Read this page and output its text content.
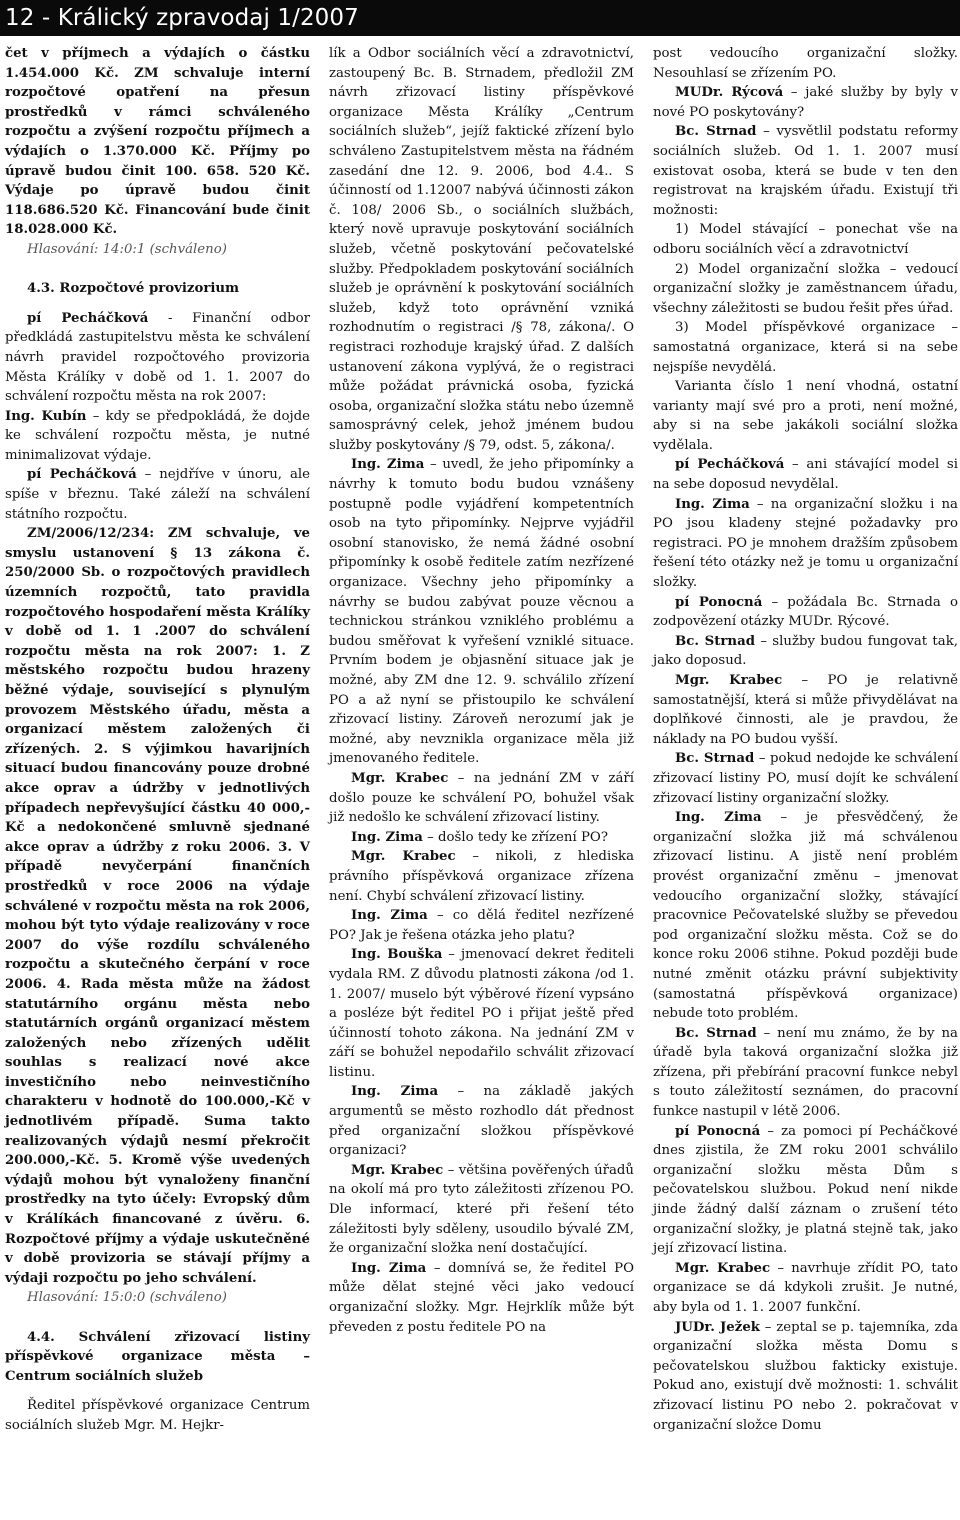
12 - Králický zpravodaj 1/2007

čet v příjmech a výdajích o částku 1.454.000 Kč. ZM schvaluje interní rozpočtové opatření na přesun prostředků v rámci schváleného rozpočtu a zvýšení rozpočtu příjmech a výdajích o 1.370.000 Kč. Příjmy po úpravě budou činit 100. 658. 520 Kč. Výdaje po úpravě budou činit 118.686.520 Kč. Financování bude činit 18.028.000 Kč.

Hlasování: 14:0:1 (schváleno)

4.3. Rozpočtové provizorium

pí Pecháčková - Finanční odbor předkládá zastupitelstvu města ke schválení návrh pravidel rozpočtového provizoria Města Králíky v době od 1. 1. 2007 do schválení rozpočtu města na rok 2007:

Ing. Kubín – kdy se předpokládá, že dojde ke schválení rozpočtu města, je nutné minimalizovat výdaje.

pí Pecháčková – nejdříve v únoru, ale spíše v březnu. Také záleží na schválení státního rozpočtu.

ZM/2006/12/234: ZM schvaluje, ve smyslu ustanovení § 13 zákona č. 250/2000 Sb. o rozpočtových pravidlech územních rozpočtů, tato pravidla rozpočtového hospodaření města Králíky v době od 1. 1 .2007 do schválení rozpočtu města na rok 2007: 1. Z městského rozpočtu budou hrazeny běžné výdaje, související s plynulým provozem Městského úřadu, města a organizací městem založených či zřízených. 2. S výjimkou havarijních situací budou financovány pouze drobné akce oprav a údržby v jednotlivých případech nepřevyšující částku 40 000,- Kč a nedokončené smluvně sjednané akce oprav a údržby z roku 2006. 3. V případě nevyčerpání finančních prostředků v roce 2006 na výdaje schválené v rozpočtu města na rok 2006, mohou být tyto výdaje realizovány v roce 2007 do výše rozdílu schváleného rozpočtu a skutečného čerpání v roce 2006. 4. Rada města může na žádost statutárního orgánu města nebo statutárních orgánů organizací městem založených nebo zřízených udělit souhlas s realizací nové akce investičního nebo neinvestičního charakteru v hodnotě do 100.000,-Kč v jednotlivém případě. Suma takto realizovaných výdajů nesmí překročit 200.000,-Kč. 5. Kromě výše uvedených výdajů mohou být vynaloženy finanční prostředky na tyto účely: Evropský dům v Králíkách financované z úvěru. 6. Rozpočtové příjmy a výdaje uskutečněné v době provizoria se stávají příjmy a výdaji rozpočtu po jeho schválení.

Hlasování: 15:0:0 (schváleno)

4.4. Schválení zřizovací listiny příspěvkové organizace města – Centrum sociálních služeb

Ředitel příspěvkové organizace Centrum sociálních služeb Mgr. M. Hejkr-

lík a Odbor sociálních věcí a zdravotnictví, zastoupený Bc. B. Strnadem, předložil ZM návrh zřizovací listiny příspěvkové organizace Města Králíky „Centrum sociálních služeb“, jejíž faktické zřízení bylo schváleno Zastupitelstvem města na řádném zasedání dne 12. 9. 2006, bod 4.4.. S účinností od 1.12007 nabývá účinnosti zákon č. 108/ 2006 Sb., o sociálních službách, který nově upravuje poskytování sociálních služeb, včetně poskytování pečovatelské služby. Předpokladem poskytování sociálních služeb je oprávnění k poskytování sociálních služeb, když toto oprávnění vzniká rozhodnutím o registraci /§ 78, zákona/. O registraci rozhoduje krajský úřad. Z dalších ustanovení zákona vyplývá, že o registraci může požádat právnická osoba, fyzická osoba, organizační složka státu nebo územně samosprávný celek, jehož jménem budou služby poskytovány /§ 79, odst. 5, zákona/.

Ing. Zima – uvedl, že jeho připomínky a návrhy k tomuto bodu budou vznášeny postupně podle vyjádření kompetentních osob na tyto připomínky. Nejprve vyjádřil osobní stanovisko, že nemá žádné osobní připomínky k osobě ředitele zatím nezřízené organizace. Všechny jeho připomínky a návrhy se budou zabývat pouze věcnou a technickou stránkou vzniklého problému a budou směřovat k vyřešení vzniklé situace. Prvním bodem je objasnění situace jak je možné, aby ZM dne 12. 9. schválilo zřízení PO a až nyní se přistoupilo ke schválení zřizovací listiny. Zároveň nerozumí jak je možné, aby nevznikla organizace měla již jmenovaného ředitele.

Mgr. Krabec – na jednání ZM v září došlo pouze ke schválení PO, bohužel však již nedošlo ke schválení zřizovací listiny.

Ing. Zima – došlo tedy ke zřízení PO?

Mgr. Krabec – nikoli, z hlediska právního příspěvková organizace zřízena není. Chybí schválení zřizovací listiny.

Ing. Zima – co dělá ředitel nezřízené PO? Jak je řešena otázka jeho platu?

Ing. Bouška – jmenovací dekret řediteli vydala RM. Z důvodu platnosti zákona /od 1. 1. 2007/ muselo být výběrové řízení vypsáno a posléze být ředitel PO i přijat ještě před účinností tohoto zákona. Na jednání ZM v září se bohužel nepodařilo schválit zřizovací listinu.

Ing. Zima – na základě jakých argumentů se město rozhodlo dát přednost před organizační složkou příspěvkové organizaci?

Mgr. Krabec – většina pověřených úřadů na okolí má pro tyto záležitosti zřízenou PO. Dle informací, které při řešení této záležitosti byly sděleny, usoudilo bývalé ZM, že organizační složka není dostačující.

Ing. Zima – domnívá se, že ředitel PO může dělat stejné věci jako vedoucí organizační složky. Mgr. Hejrklík může být převeden z postu ředitele PO na

post vedoucího organizační složky. Nesouhlasí se zřízením PO.

MUDr. Rýcová – jaké služby by byly v nové PO poskytovány?

Bc. Strnad – vysvětlil podstatu reformy sociálních služeb. Od 1. 1. 2007 musí existovat osoba, která se bude v ten den registrovat na krajském úřadu. Existují tři možnosti:

1) Model stávající – ponechat vše na odboru sociálních věcí a zdravotnictví

2) Model organizační složka – vedoucí organizační složky je zaměstnancem úřadu, všechny záležitosti se budou řešit přes úřad.

3) Model příspěvkové organizace – samostatná organizace, která si na sebe nejspíše nevydělá.

Varianta číslo 1 není vhodná, ostatní varianty mají své pro a proti, není možné, aby si na sebe jakákoli sociální složka vydělala.

pí Pecháčková – ani stávající model si na sebe doposud nevydělal.

Ing. Zima – na organizační složku i na PO jsou kladeny stejné požadavky pro registraci. PO je mnohem dražším způsobem řešení této otázky než je tomu u organizační složky.

pí Ponocná – požádala Bc. Strnada o zodpovězení otázky MUDr. Rýcové.

Bc. Strnad – služby budou fungovat tak, jako doposud.

Mgr. Krabec – PO je relativně samostatnější, která si může přivydělávat na doplňkové činnosti, ale je pravdou, že náklady na PO budou vyšší.

Bc. Strnad – pokud nedojde ke schválení zřizovací listiny PO, musí dojít ke schválení zřizovací listiny organizační složky.

Ing. Zima – je přesvědčený, že organizační složka již má schválenou zřizovací listinu. A jistě není problém provést organizační změnu – jmenovat vedoucího organizační složky, stávající pracovnice Pečovatelské služby se převedou pod organizační složku města. Což se do konce roku 2006 stihne. Pokud později bude nutné změnit otázku právní subjektivity (samostatná příspěvková organizace) nebude toto problém.

Bc. Strnad – není mu známo, že by na úřadě byla taková organizační složka již zřízena, při přebírání pracovní funkce nebyl s touto záležitostí seznámen, do pracovní funkce nastupil v létě 2006.

pí Ponocná – za pomoci pí Pecháčkové dnes zjistila, že ZM roku 2001 schválilo organizační složku města Dům s pečovatelskou službou. Pokud není nikde jinde žádný další záznam o zrušení této organizační složky, je platná stejně tak, jako její zřizovací listina.

Mgr. Krabec – navrhuje zřídit PO, tato organizace se dá kdykoli zrušit. Je nutné, aby byla od 1. 1. 2007 funkční.

JUDr. Ježek – zeptal se p. tajemníka, zda organizační složka města Domu s pečovatelskou službou fakticky existuje. Pokud ano, existují dvě možnosti: 1. schválit zřizovací listinu PO nebo 2. pokračovat v organizační složce Domu
